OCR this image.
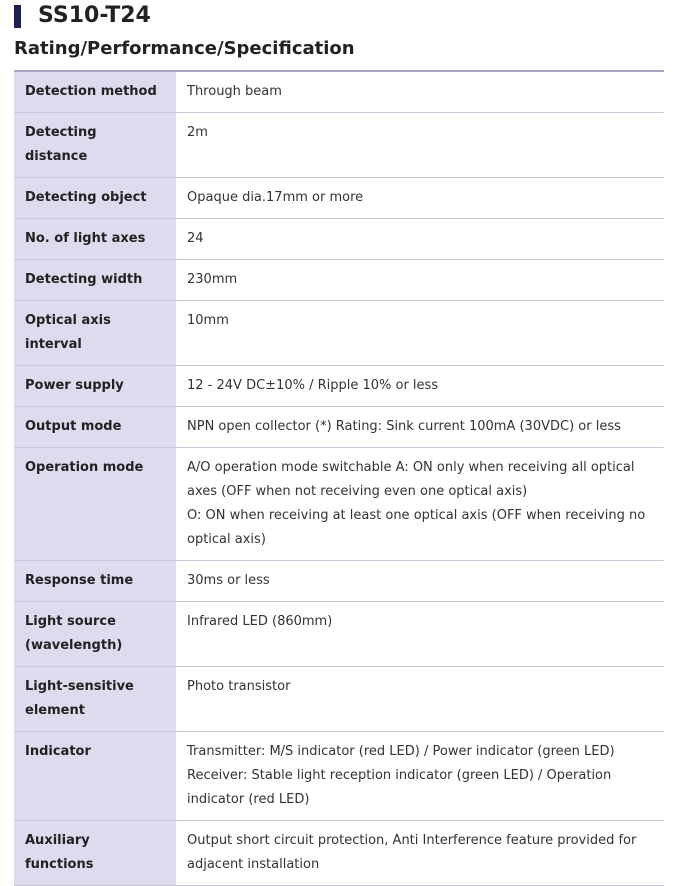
SS10-T24
Rating/Performance/Specification
Detection method	Through beam
Detecting distance	2m
Detecting object	Opaque dia.17mm or more
No. of light axes	24
Detecting width	230mm
Optical axis interval	10mm
Power supply	12 - 24V DC±10% / Ripple 10% or less
Output mode	NPN open collector (*) Rating: Sink current 100mA (30VDC) or less
Operation mode	A/O operation mode switchable A: ON only when receiving all optical axes (OFF when not receiving even one optical axis)
O: ON when receiving at least one optical axis (OFF when receiving no optical axis)

Response time	30ms or less
Light source (wavelength)	Infrared LED (860mm)
Light-sensitive element	Photo transistor
Indicator	Transmitter: M/S indicator (red LED) / Power indicator (green LED)
Receiver: Stable light reception indicator (green LED) / Operation indicator (red LED)

Auxiliary functions	Output short circuit protection, Anti Interference feature provided for adjacent installation
